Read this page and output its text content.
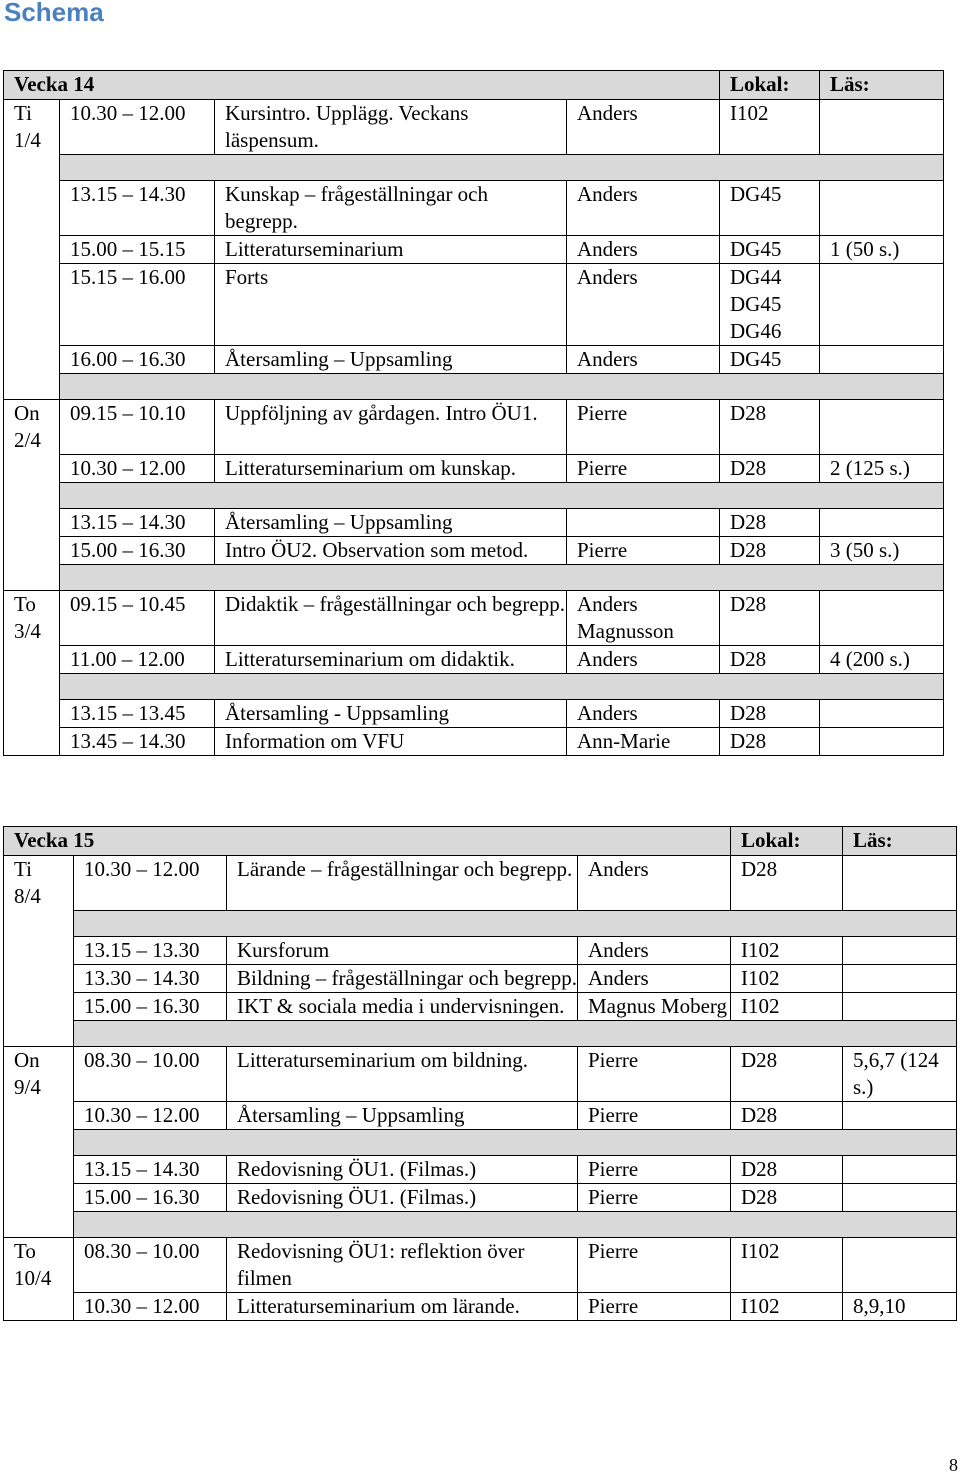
Schema
Vecka 14				Lokal:	Läs:

Ti
1/4	10.30 – 12.00	Kursintro. Upplägg. Veckans läspensum.	Anders	I102	

	13.15 – 14.30	Kunskap – frågeställningar och begrepp.	Anders	DG45	
	15.00 – 15.15	Litteraturseminarium	Anders	DG45	1 (50 s.)
	15.15 – 16.00	Forts	Anders	DG44
DG45
DG46	
	16.00 – 16.30	Återsamling – Uppsamling	Anders	DG45	

On
2/4	09.15 – 10.10	Uppföljning av gårdagen. Intro ÖU1.	Pierre	D28	
	10.30 – 12.00	Litteraturseminarium om kunskap.	Pierre	D28	2 (125 s.)

	13.15 – 14.30	Återsamling – Uppsamling		D28	
	15.00 – 16.30	Intro ÖU2. Observation som metod.	Pierre	D28	3 (50 s.)

To
3/4	09.15 – 10.45	Didaktik – frågeställningar och begrepp.	Anders Magnusson	D28	
	11.00 – 12.00	Litteraturseminarium om didaktik.	Anders	D28	4 (200 s.)

	13.15 – 13.45	Återsamling - Uppsamling	Anders	D28	
	13.45 – 14.30	Information om VFU	Ann-Marie	D28	
Vecka 15				Lokal:	Läs:

Ti
8/4	10.30 – 12.00	Lärande – frågeställningar och begrepp.	Anders	D28	

	13.15 – 13.30	Kursforum	Anders	I102	
	13.30 – 14.30	Bildning – frågeställningar och begrepp.	Anders	I102	
	15.00 – 16.30	IKT & sociala media i undervisningen.	Magnus Moberg	I102	

On
9/4	08.30 – 10.00	Litteraturseminarium om bildning.	Pierre	D28	5,6,7 (124 s.)
	10.30 – 12.00	Återsamling – Uppsamling	Pierre	D28	

	13.15 – 14.30	Redovisning ÖU1. (Filmas.)	Pierre	D28	
	15.00 – 16.30	Redovisning ÖU1. (Filmas.)	Pierre	D28	

To
10/4	08.30 – 10.00	Redovisning ÖU1: reflektion över filmen	Pierre	I102	
	10.30 – 12.00	Litteraturseminarium om lärande.	Pierre	I102	8,9,10
8
